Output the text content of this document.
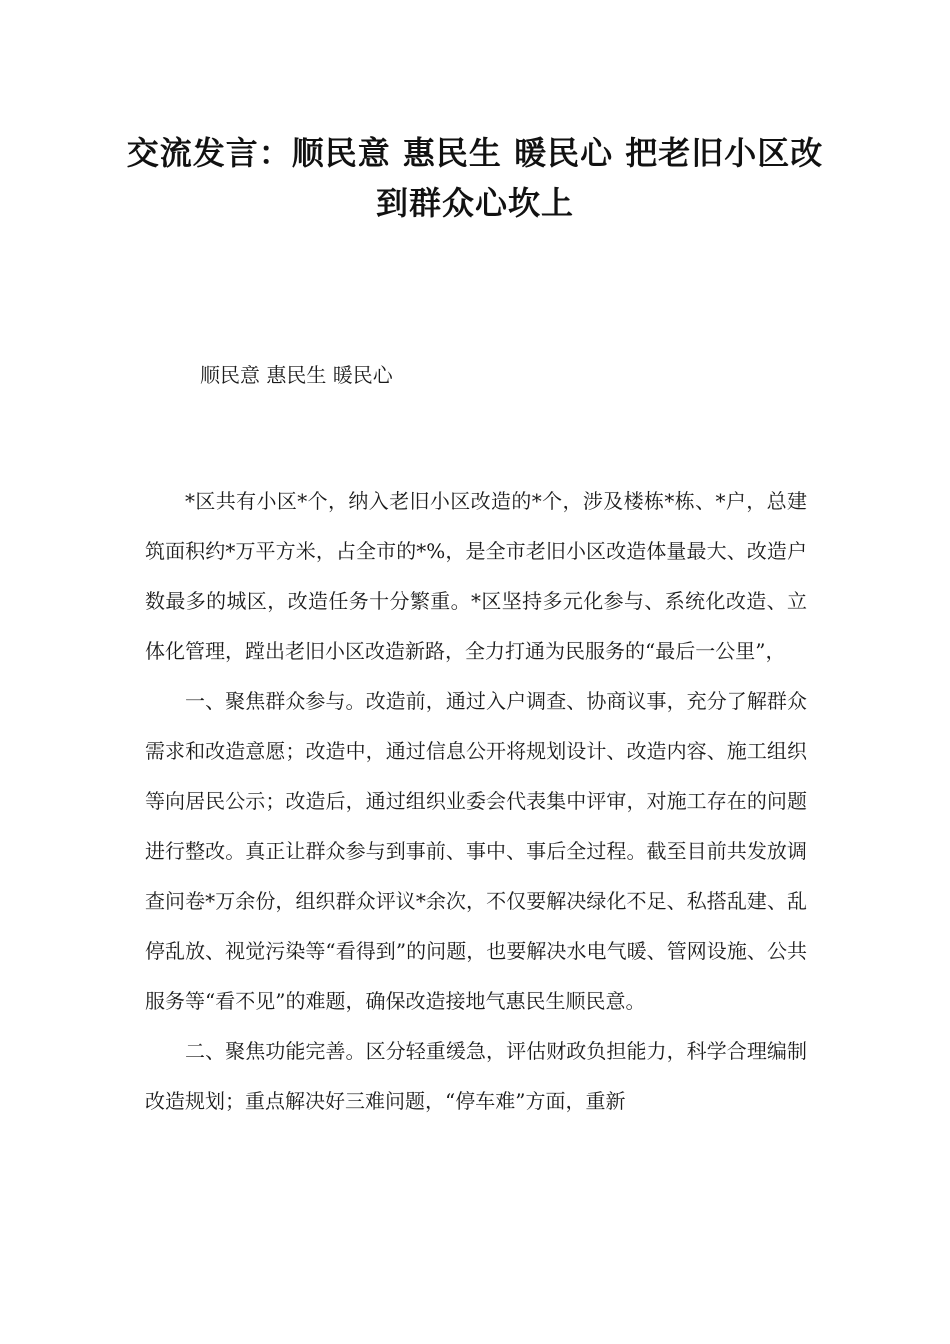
交流发言：顺民意 惠民生 暖民心 把老旧小区改到群众心坎上
顺民意 惠民生 暖民心

*区共有小区*个，纳入老旧小区改造的*个，涉及楼栋*栋、*户，总建筑面积约*万平方米，占全市的*%，是全市老旧小区改造体量最大、改造户数最多的城区，改造任务十分繁重。*区坚持多元化参与、系统化改造、立体化管理，蹚出老旧小区改造新路，全力打通为民服务的“最后一公里”，

一、聚焦群众参与。改造前，通过入户调查、协商议事，充分了解群众需求和改造意愿；改造中，通过信息公开将规划设计、改造内容、施工组织等向居民公示；改造后，通过组织业委会代表集中评审，对施工存在的问题进行整改。真正让群众参与到事前、事中、事后全过程。截至目前共发放调查问卷*万余份，组织群众评议*余次，不仅要解决绿化不足、私搭乱建、乱停乱放、视觉污染等“看得到”的问题，也要解决水电气暖、管网设施、公共服务等“看不见”的难题，确保改造接地气惠民生顺民意。

二、聚焦功能完善。区分轻重缓急，评估财政负担能力，科学合理编制改造规划；重点解决好三难问题，“停车难”方面，重新
